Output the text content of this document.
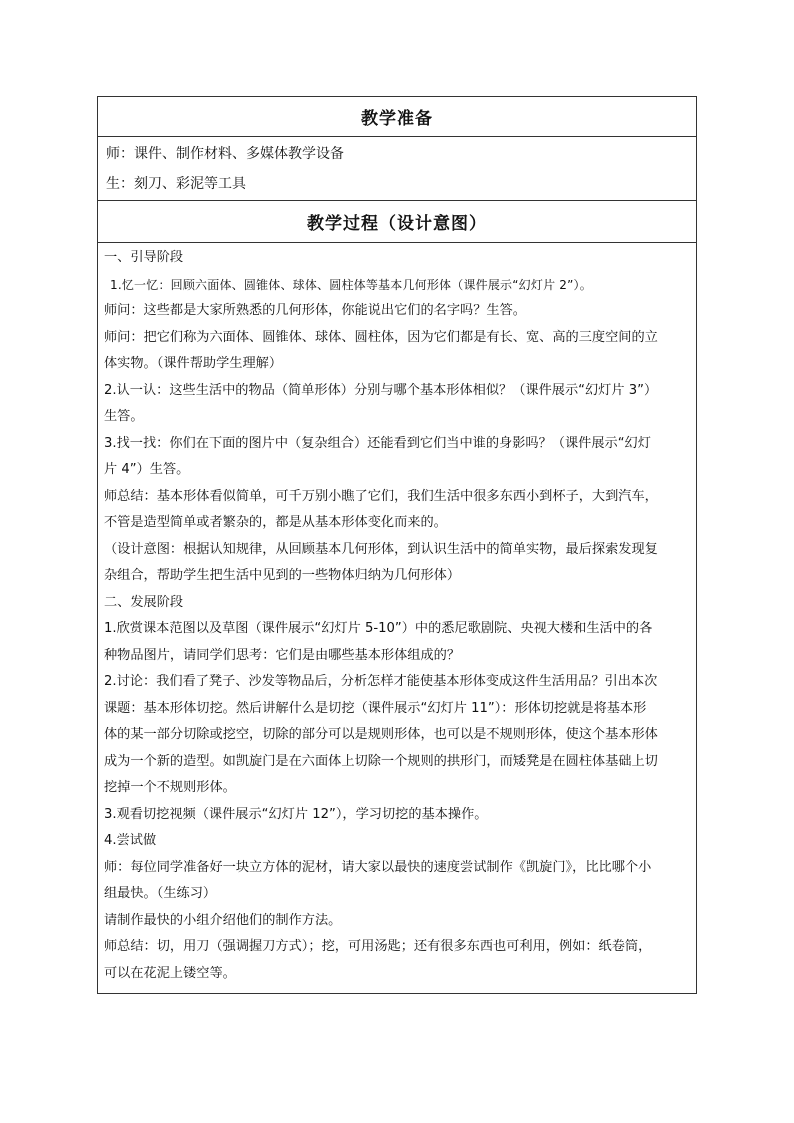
教学准备
师：课件、制作材料、多媒体教学设备
生：刻刀、彩泥等工具
教学过程（设计意图）
一、引导阶段
1.忆一忆：回顾六面体、圆锥体、球体、圆柱体等基本几何形体（课件展示“幻灯片 2”）。
师问：这些都是大家所熟悉的几何形体，你能说出它们的名字吗？生答。
师问：把它们称为六面体、圆锥体、球体、圆柱体，因为它们都是有长、宽、高的三度空间的立
体实物。（课件帮助学生理解）
2.认一认：这些生活中的物品（简单形体）分别与哪个基本形体相似？（课件展示“幻灯片 3”）
生答。
3.找一找：你们在下面的图片中（复杂组合）还能看到它们当中谁的身影吗？（课件展示“幻灯
片 4”）生答。
师总结：基本形体看似简单，可千万别小瞧了它们，我们生活中很多东西小到杯子，大到汽车，
不管是造型简单或者繁杂的，都是从基本形体变化而来的。
（设计意图：根据认知规律，从回顾基本几何形体，到认识生活中的简单实物，最后探索发现复
杂组合，帮助学生把生活中见到的一些物体归纳为几何形体）
二、发展阶段
1.欣赏课本范图以及草图（课件展示“幻灯片 5-10”）中的悉尼歌剧院、央视大楼和生活中的各
种物品图片，请同学们思考：它们是由哪些基本形体组成的？
2.讨论：我们看了凳子、沙发等物品后，分析怎样才能使基本形体变成这件生活用品？引出本次
课题：基本形体切挖。然后讲解什么是切挖（课件展示“幻灯片 11”）：形体切挖就是将基本形
体的某一部分切除或挖空，切除的部分可以是规则形体，也可以是不规则形体，使这个基本形体
成为一个新的造型。如凯旋门是在六面体上切除一个规则的拱形门，而矮凳是在圆柱体基础上切
挖掉一个不规则形体。
3.观看切挖视频（课件展示“幻灯片 12”），学习切挖的基本操作。
4.尝试做
师：每位同学准备好一块立方体的泥材，请大家以最快的速度尝试制作《凯旋门》，比比哪个小
组最快。（生练习）
请制作最快的小组介绍他们的制作方法。
师总结：切，用刀（强调握刀方式）；挖，可用汤匙；还有很多东西也可利用，例如：纸卷筒，
可以在花泥上镂空等。
